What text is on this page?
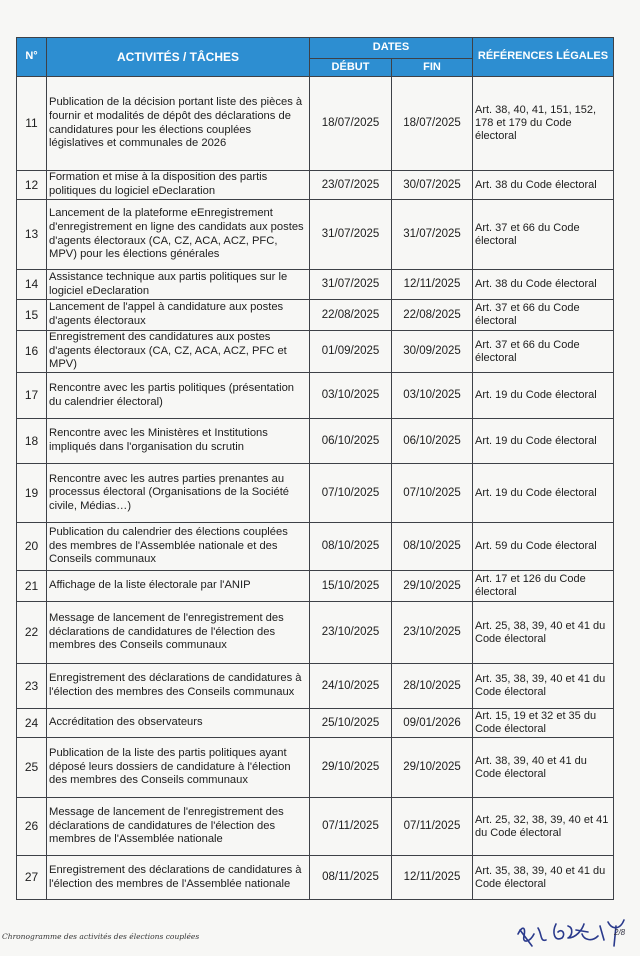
N°	ACTIVITÉS / TÂCHES	DATES		RÉFÉRENCES LÉGALES
		DÉBUT	FIN	
11	Publication de la décision portant liste des pièces à fournir et modalités de dépôt des déclarations de candidatures pour les élections couplées législatives et communales de 2026	18/07/2025	18/07/2025	Art. 38, 40, 41, 151, 152, 178 et 179 du Code électoral
12	Formation et mise à la disposition des partis politiques du logiciel eDeclaration	23/07/2025	30/07/2025	Art. 38 du Code électoral
13	Lancement de la plateforme eEnregistrement d'enregistrement en ligne des candidats aux postes d'agents électoraux (CA, CZ, ACA, ACZ, PFC, MPV) pour les élections générales	31/07/2025	31/07/2025	Art. 37 et 66 du Code électoral
14	Assistance technique aux partis politiques sur le logiciel eDeclaration	31/07/2025	12/11/2025	Art. 38 du Code électoral
15	Lancement de l'appel à candidature aux postes d'agents électoraux	22/08/2025	22/08/2025	Art. 37 et 66 du Code électoral
16	Enregistrement des candidatures aux postes d'agents électoraux (CA, CZ, ACA, ACZ, PFC et MPV)	01/09/2025	30/09/2025	Art. 37 et 66 du Code électoral
17	Rencontre avec les partis politiques (présentation du calendrier électoral)	03/10/2025	03/10/2025	Art. 19 du Code électoral
18	Rencontre avec les Ministères et Institutions impliqués dans l'organisation du scrutin	06/10/2025	06/10/2025	Art. 19 du Code électoral
19	Rencontre avec les autres parties prenantes au processus électoral (Organisations de la Société civile, Médias…)	07/10/2025	07/10/2025	Art. 19 du Code électoral
20	Publication du calendrier des élections couplées des membres de l'Assemblée nationale et des Conseils communaux	08/10/2025	08/10/2025	Art. 59 du Code électoral
21	Affichage de la liste électorale par l'ANIP	15/10/2025	29/10/2025	Art. 17 et 126 du Code électoral
22	Message de lancement de l'enregistrement des déclarations de candidatures de l'élection des membres des Conseils communaux	23/10/2025	23/10/2025	Art. 25, 38, 39, 40 et 41 du Code électoral
23	Enregistrement des déclarations de candidatures à l'élection des membres des Conseils communaux	24/10/2025	28/10/2025	Art. 35, 38, 39, 40 et 41 du Code électoral
24	Accréditation des observateurs	25/10/2025	09/01/2026	Art. 15, 19 et 32 et 35 du Code électoral
25	Publication de la liste des partis politiques ayant déposé leurs dossiers de candidature à l'élection des membres des Conseils communaux	29/10/2025	29/10/2025	Art. 38, 39, 40 et 41 du Code électoral
26	Message de lancement de l'enregistrement des déclarations de candidatures de l'élection des membres de l'Assemblée nationale	07/11/2025	07/11/2025	Art. 25, 32, 38, 39, 40 et 41 du Code électoral
27	Enregistrement des déclarations de candidatures à l'élection des membres de l'Assemblée nationale	08/11/2025	12/11/2025	Art. 35, 38, 39, 40 et 41 du Code électoral
Chronogramme des activités des élections couplées	2/8
